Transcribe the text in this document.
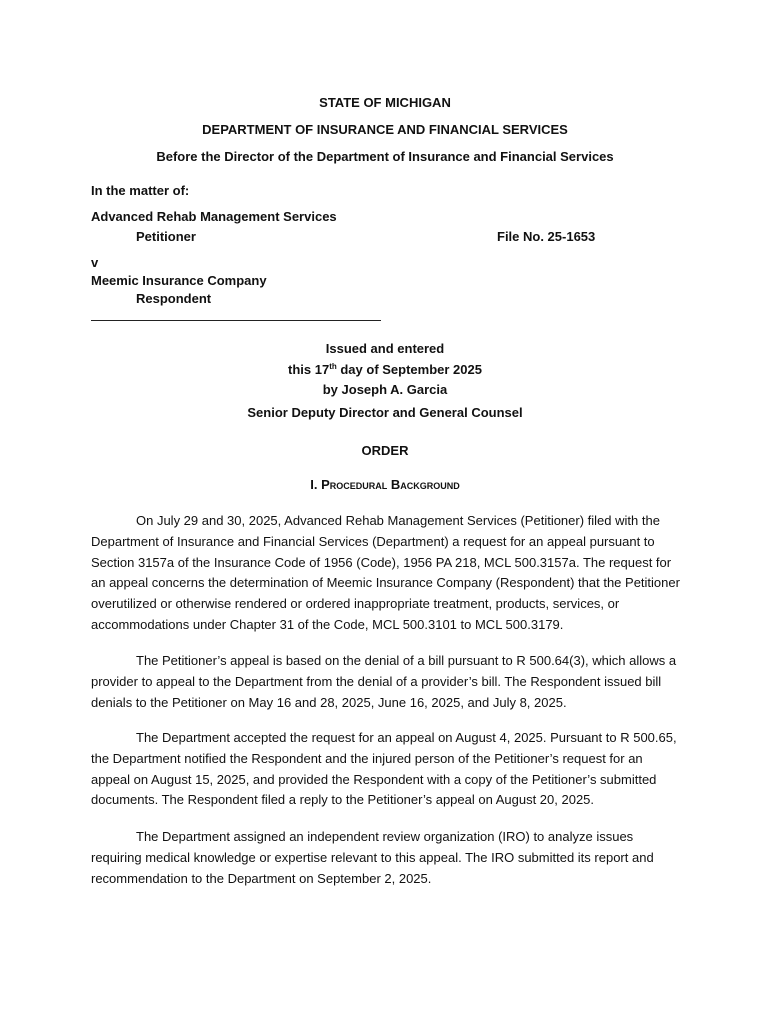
STATE OF MICHIGAN
DEPARTMENT OF INSURANCE AND FINANCIAL SERVICES
Before the Director of the Department of Insurance and Financial Services
In the matter of:
Advanced Rehab Management Services
Petitioner	File No. 25-1653
v
Meemic Insurance Company
Respondent
Issued and entered
this 17th day of September 2025
by Joseph A. Garcia
Senior Deputy Director and General Counsel
ORDER
I. Procedural Background
On July 29 and 30, 2025, Advanced Rehab Management Services (Petitioner) filed with the Department of Insurance and Financial Services (Department) a request for an appeal pursuant to Section 3157a of the Insurance Code of 1956 (Code), 1956 PA 218, MCL 500.3157a. The request for an appeal concerns the determination of Meemic Insurance Company (Respondent) that the Petitioner overutilized or otherwise rendered or ordered inappropriate treatment, products, services, or accommodations under Chapter 31 of the Code, MCL 500.3101 to MCL 500.3179.
The Petitioner’s appeal is based on the denial of a bill pursuant to R 500.64(3), which allows a provider to appeal to the Department from the denial of a provider’s bill. The Respondent issued bill denials to the Petitioner on May 16 and 28, 2025, June 16, 2025, and July 8, 2025.
The Department accepted the request for an appeal on August 4, 2025. Pursuant to R 500.65, the Department notified the Respondent and the injured person of the Petitioner’s request for an appeal on August 15, 2025, and provided the Respondent with a copy of the Petitioner’s submitted documents. The Respondent filed a reply to the Petitioner’s appeal on August 20, 2025.
The Department assigned an independent review organization (IRO) to analyze issues requiring medical knowledge or expertise relevant to this appeal. The IRO submitted its report and recommendation to the Department on September 2, 2025.
